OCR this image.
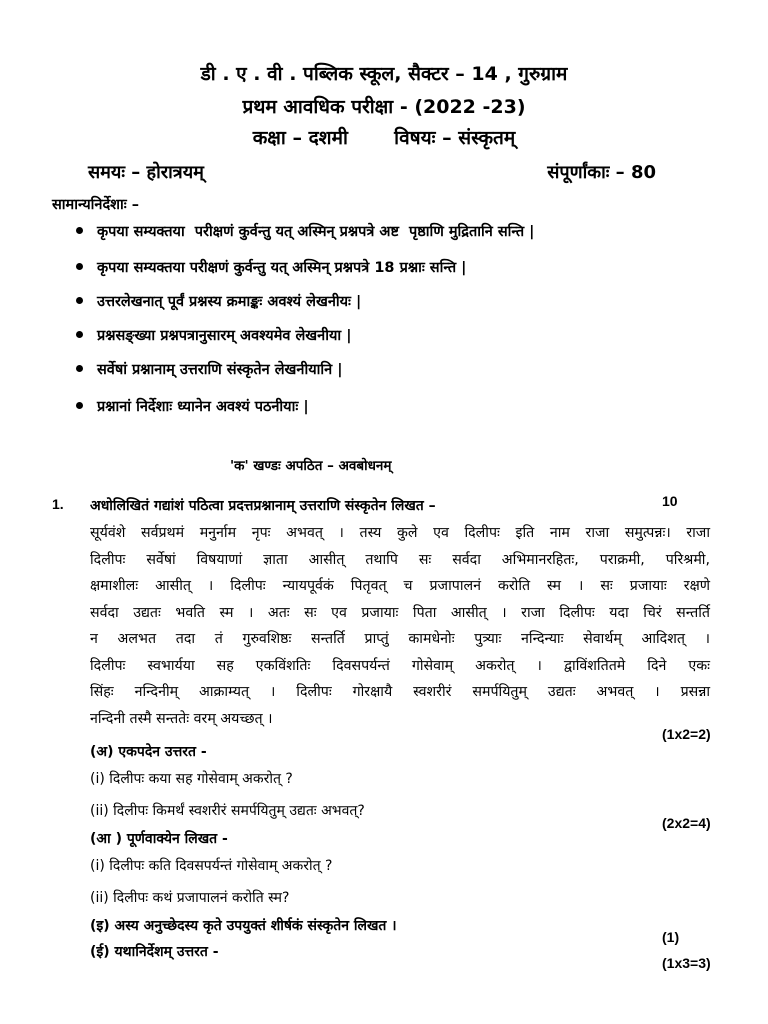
डी . ए . वी . पब्लिक स्कूल, सैक्टर – 14 , गुरुग्राम
प्रथम आवधिक परीक्षा - (2022 -23)
कक्षा – दशमी       विषयः – संस्कृतम्
समयः – होरात्रयम्	संपूर्णांकाः – 80
सामान्यनिर्देशाः –
कृपया सम्यक्तया  परीक्षणं कुर्वन्तु यत् अस्मिन् प्रश्नपत्रे अष्ट  पृष्ठाणि मुद्रितानि सन्ति |
कृपया सम्यक्तया परीक्षणं कुर्वन्तु यत् अस्मिन् प्रश्नपत्रे 18 प्रश्नाः सन्ति |
उत्तरलेखनात् पूर्वं प्रश्नस्य क्रमाङ्कः अवश्यं लेखनीयः |
प्रश्नसङ्ख्या प्रश्नपत्रानुसारम् अवश्यमेव लेखनीया |
सर्वेषां प्रश्नानाम् उत्तराणि संस्कृतेन लेखनीयानि |
प्रश्नानां निर्देशाः ध्यानेन अवश्यं पठनीयाः |
'क' खण्डः अपठित – अवबोधनम्
1. अधोलिखितं गद्यांशं पठित्वा प्रदत्तप्रश्नानाम् उत्तराणि संस्कृतेन लिखत –	10
सूर्यवंशे सर्वप्रथमं मनुर्नाम नृपः अभवत् । तस्य कुले एव दिलीपः इति नाम राजा समुत्पन्नः। राजा
दिलीपः सर्वेषां विषयाणां ज्ञाता आसीत् तथापि सः सर्वदा अभिमानरहितः, पराक्रमी, परिश्रमी,
क्षमाशीलः आसीत् । दिलीपः न्यायपूर्वकं पितृवत् च प्रजापालनं करोति स्म । सः प्रजायाः रक्षणे
सर्वदा उद्यतः भवति स्म । अतः सः एव प्रजायाः पिता आसीत् । राजा दिलीपः यदा चिरं सन्तर्ति
न अलभत तदा तं गुरुवशिष्ठः सन्तर्ति प्राप्तुं कामधेनोः पुत्र्याः नन्दिन्याः सेवार्थम् आदिशत् ।
दिलीपः स्वभार्यया सह एकविंशतिः दिवसपर्यन्तं गोसेवाम् अकरोत् । द्वाविंशतितमे दिने एकः
सिंहः नन्दिनीम् आक्राम्यत् । दिलीपः गोरक्षायै स्वशरीरं समर्पयितुम् उद्यतः अभवत् । प्रसन्ना
नन्दिनी तस्मै सन्ततेः वरम् अयच्छत् ।
(अ) एकपदेन उत्तरत -
(1x2=2)
(i) दिलीपः कया सह गोसेवाम् अकरोत् ?
(ii) दिलीपः किमर्थं स्वशरीरं समर्पयितुम् उद्यतः अभवत्?
(आ ) पूर्णवाक्येन लिखत -
(2x2=4)
(i) दिलीपः कति दिवसपर्यन्तं गोसेवाम् अकरोत् ?
(ii) दिलीपः कथं प्रजापालनं करोति स्म?
(इ) अस्य अनुच्छेदस्य कृते उपयुक्तं शीर्षकं संस्कृतेन लिखत ।
(1)
(ई) यथानिर्देशम् उत्तरत -
(1x3=3)
